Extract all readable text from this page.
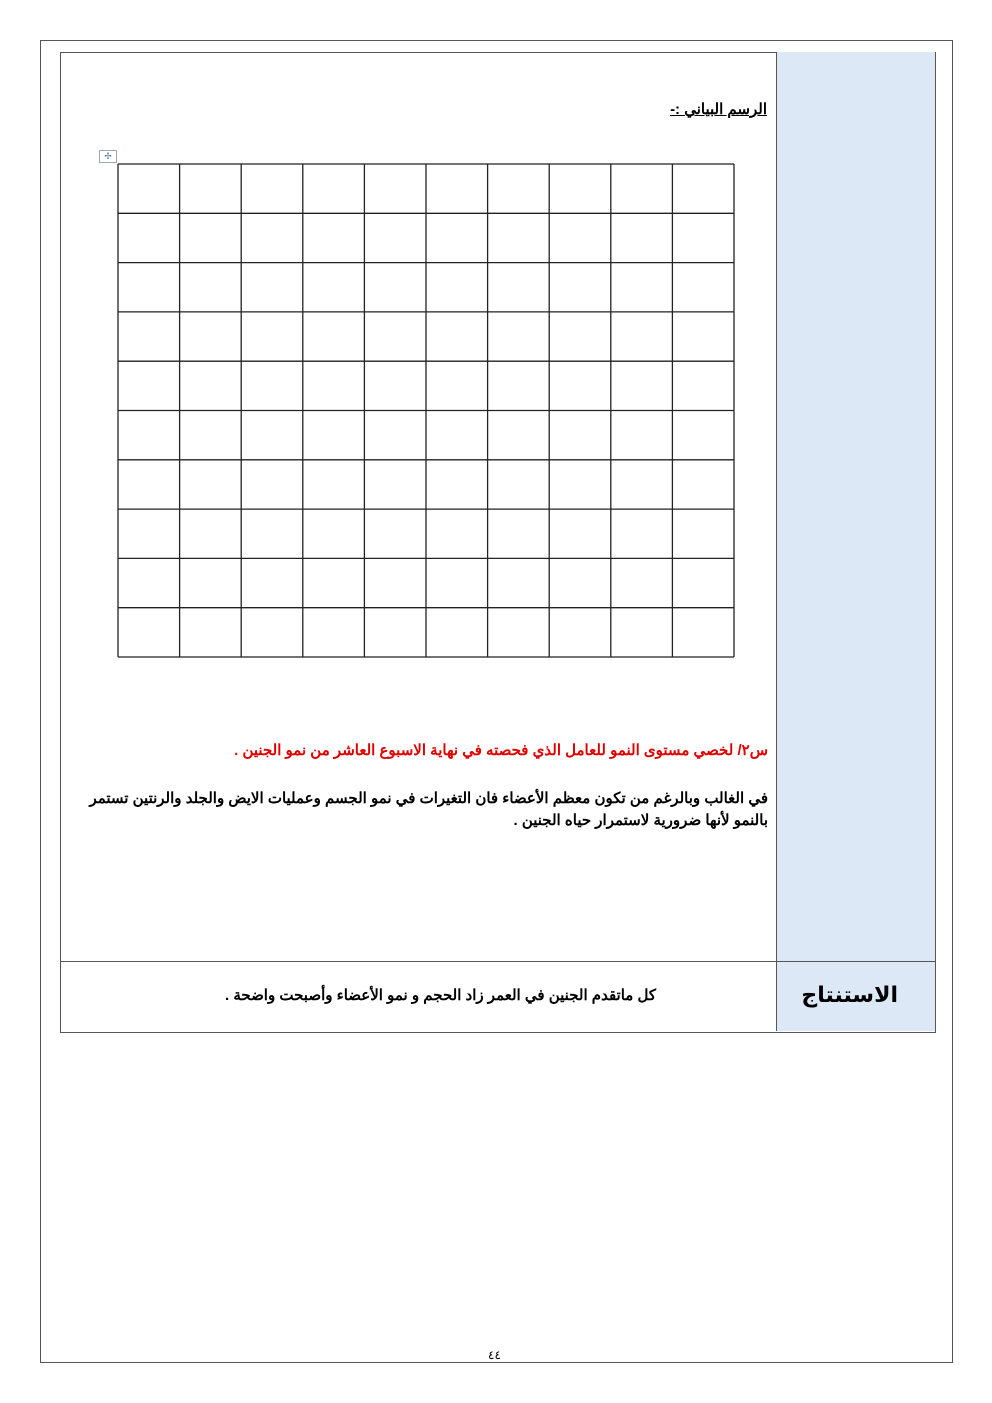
الرسم البياني :-
✢
س٢/ لخصي مستوى النمو للعامل الذي فحصته في نهاية الاسبوع العاشر من نمو الجنين .
في الغالب وبالرغم من تكون معظم الأعضاء فان التغيرات في نمو الجسم وعمليات الايض والجلد والرنتين تستمر بالنمو لأنها ضرورية لاستمرار حياه الجنين .
الاستنتاج
كل ماتقدم الجنين في العمر زاد الحجم و نمو الأعضاء وأصبحت واضحة .
٤٤
